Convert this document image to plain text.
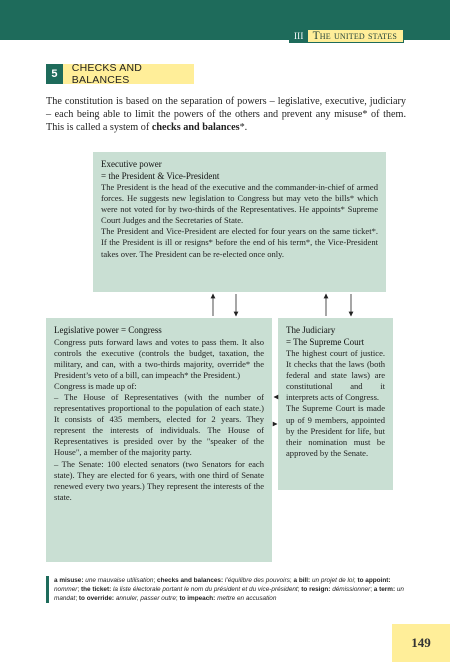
III The united states
5	CHECKS AND BALANCES

The constitution is based on the separation of powers – legislative, executive, judiciary – each being able to limit the powers of the others and prevent any misuse* of them. This is called a system of checks and balances*.

Executive power
= the President & Vice-President

The President is the head of the executive and the commander-in-chief of armed forces. He suggests new legislation to Congress but may veto the bills* which were not voted for by two-thirds of the Representatives. He appoints* Supreme Court Judges and the Secretaries of State.

The President and Vice-President are elected for four years on the same ticket*. If the President is ill or resigns* before the end of his term*, the Vice-President takes over. The President can be re-elected once only.

Legislative power = Congress

Congress puts forward laws and votes to pass them. It also controls the executive (controls the budget, taxation, the military, and can, with a two-thirds majority, override* the President’s veto of a bill, can impeach* the President.)

Congress is made up of:

– The House of Representatives (with the number of representatives proportional to the population of each state.) It consists of 435 members, elected for 2 years. They represent the interests of individuals. The House of Representatives is presided over by the "speaker of the House", a member of the majority party.

– The Senate: 100 elected senators (two Senators for each state). They are elected for 6 years, with one third of Senate renewed every two years.) They represent the interests of the state.

The Judiciary
= The Supreme Court

The highest court of justice. It checks that the laws (both federal and state laws) are constitutional and it interprets acts of Congress.

The Supreme Court is made up of 9 members, appointed by the President for life, but their nomination must be approved by the Senate.

a misuse: une mauvaise utilisation; checks and balances: l’équilibre des pouvoirs; a bill: un projet de loi; to appoint: nommer; the ticket: la liste électorale portant le nom du président et du vice-président; to resign: démissionner; a term: un mandat; to override: annuler, passer outre; to impeach: mettre en accusation
149
